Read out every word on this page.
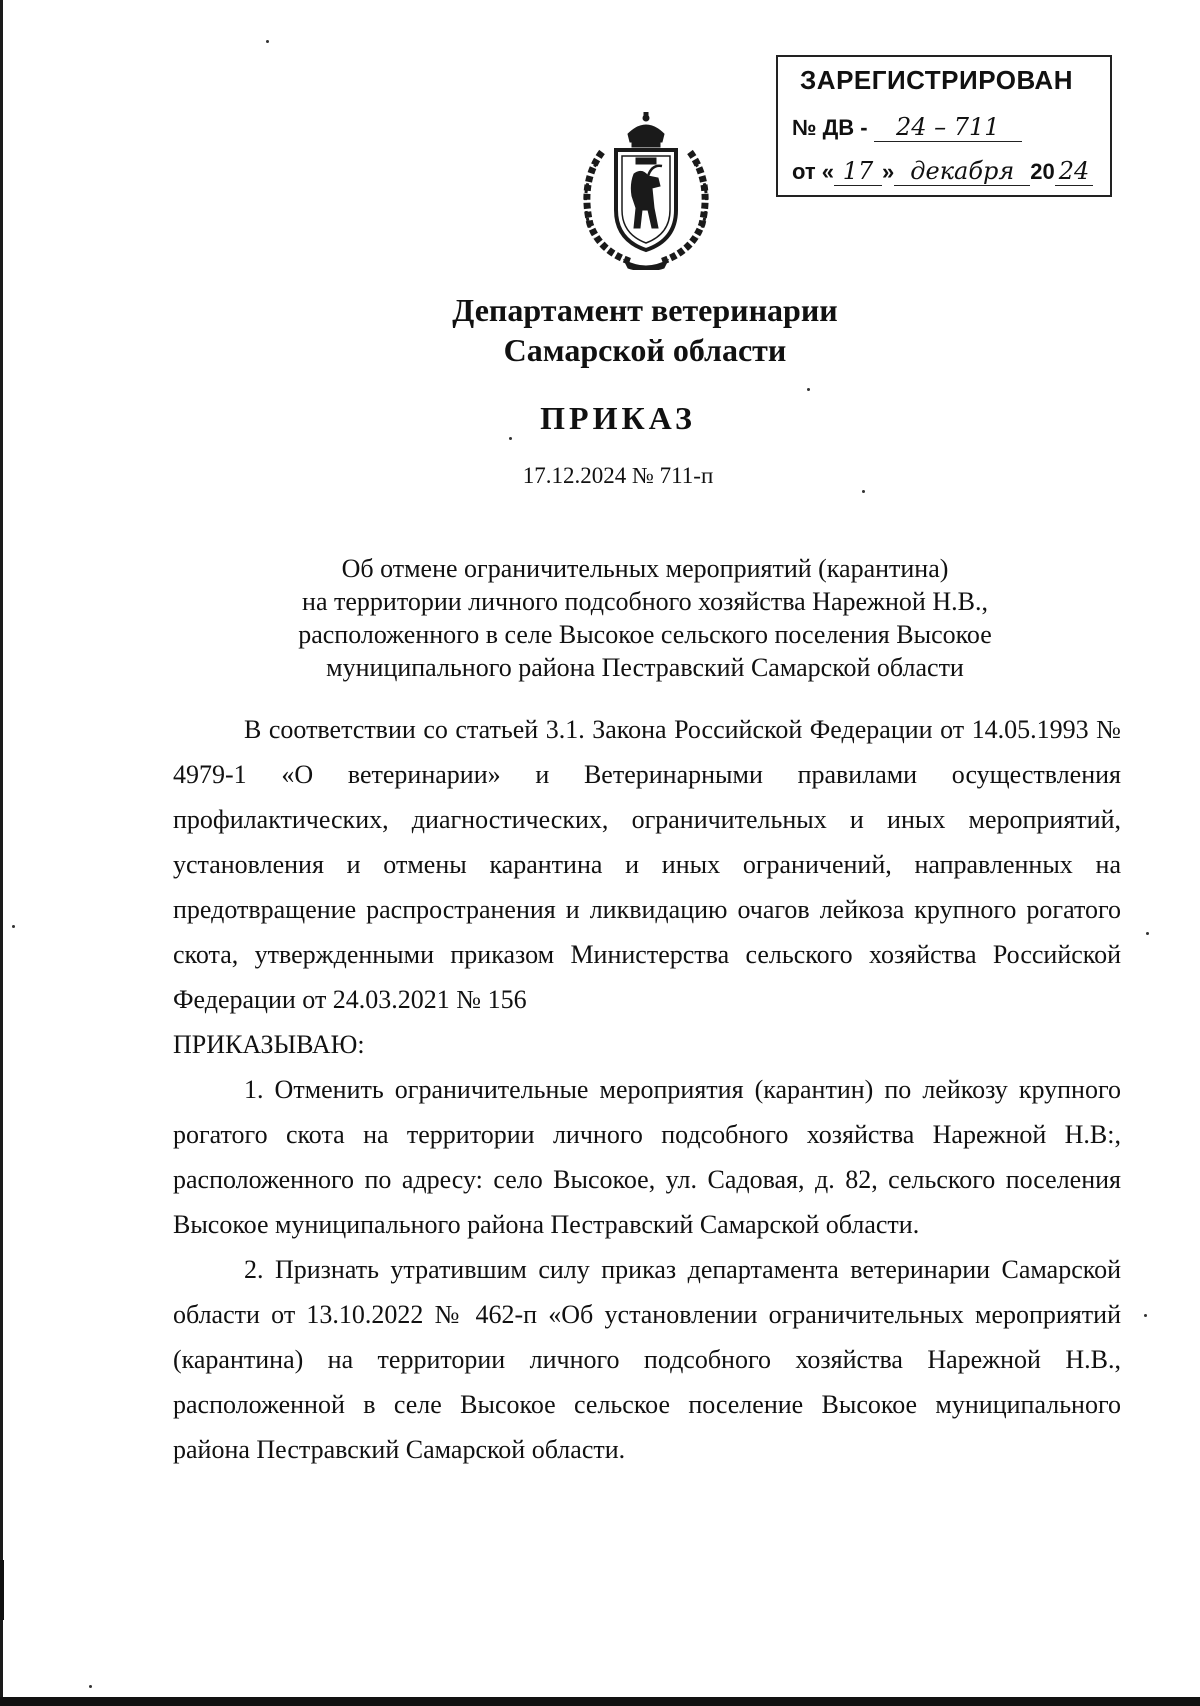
ЗАРЕГИСТРИРОВАН
№ ДВ - 24 – 711
от « 17 » декабря 20 24
Департамент ветеринарии
Самарской области
ПРИКАЗ

17.12.2024 № 711-п

Об отмене ограничительных мероприятий (карантина)
на территории личного подсобного хозяйства Нарежной Н.В.,
расположенного в селе Высокое сельского поселения Высокое
муниципального района Пестравский Самарской области

В соответствии со статьей 3.1. Закона Российской Федерации от 14.05.1993 № 4979-1 «О ветеринарии» и Ветеринарными правилами осуществления профилактических, диагностических, ограничительных и иных мероприятий, установления и отмены карантина и иных ограничений, направленных на предотвращение распространения и ликвидацию очагов лейкоза крупного рогатого скота, утвержденными приказом Министерства сельского хозяйства Российской Федерации от 24.03.2021 № 156

ПРИКАЗЫВАЮ:

1. Отменить ограничительные мероприятия (карантин) по лейкозу крупного рогатого скота на территории личного подсобного хозяйства Нарежной Н.В:, расположенного по адресу: село Высокое, ул. Садовая, д. 82, сельского поселения Высокое муниципального района Пестравский Самарской области.

2. Признать утратившим силу приказ департамента ветеринарии Самарской области от 13.10.2022 № 462-п «Об установлении ограничительных мероприятий (карантина) на территории личного подсобного хозяйства Нарежной Н.В., расположенной в селе Высокое сельское поселение Высокое муниципального района Пестравский Самарской области.
